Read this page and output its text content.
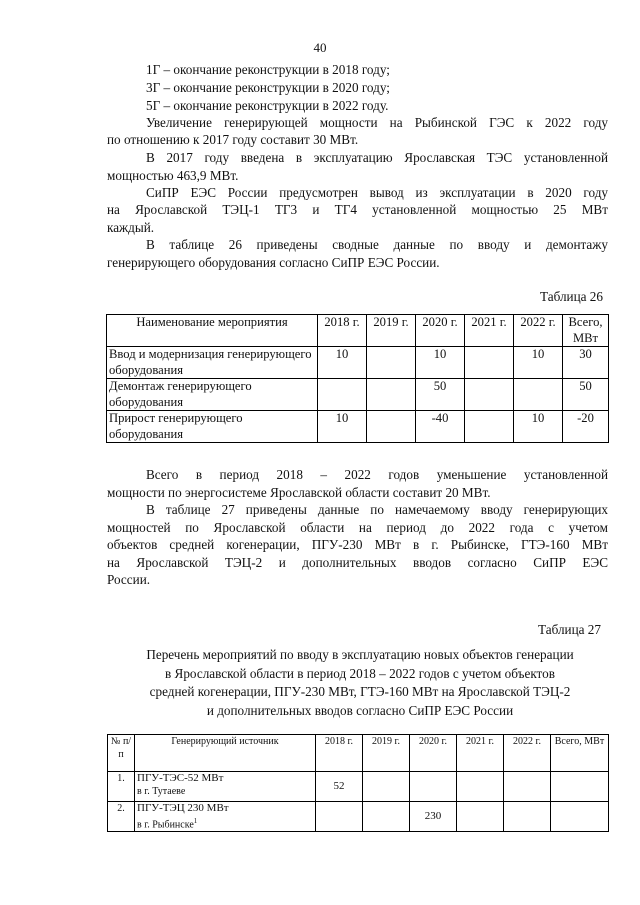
40
1Г – окончание реконструкции в 2018 году;
3Г – окончание реконструкции в 2020 году;
5Г – окончание реконструкции в 2022 году.
Увеличение генерирующей мощности на Рыбинской ГЭС к 2022 году
по отношению к 2017 году составит 30 МВт.
В 2017 году введена в эксплуатацию Ярославская ТЭС установленной
мощностью 463,9 МВт.
СиПР ЕЭС России предусмотрен вывод из эксплуатации в 2020 году
на Ярославской ТЭЦ-1 ТГ3 и ТГ4 установленной мощностью 25 МВт
каждый.
В таблице 26 приведены сводные данные по вводу и демонтажу
генерирующего оборудования согласно СиПР ЕЭС России.
Таблица 26
Наименование мероприятия	2018 г.	2019 г.	2020 г.	2021 г.	2022 г.	Всего, МВт
Ввод и модернизация генерирующего оборудования	10		10		10	30
Демонтаж генерирующего оборудования			50			50
Прирост генерирующего оборудования	10		-40		10	-20
Всего в период 2018 – 2022 годов уменьшение установленной
мощности по энергосистеме Ярославской области составит 20 МВт.
В таблице 27 приведены данные по намечаемому вводу генерирующих
мощностей по Ярославской области на период до 2022 года с учетом
объектов средней когенерации, ПГУ-230 МВт в г. Рыбинске, ГТЭ-160 МВт
на Ярославской ТЭЦ-2 и дополнительных вводов согласно СиПР ЕЭС
России.
Таблица 27
Перечень мероприятий по вводу в эксплуатацию новых объектов генерации
в Ярославской области в период 2018 – 2022 годов с учетом объектов
средней когенерации, ПГУ-230 МВт, ГТЭ-160 МВт на Ярославской ТЭЦ-2
и дополнительных вводов согласно СиПР ЕЭС России
№ п/п	Генерирующий источник	2018 г.	2019 г.	2020 г.	2021 г.	2022 г.	Всего, МВт
1.	ПГУ-ТЭС-52 МВт
в г. Тутаеве	52					
2.	ПГУ-ТЭЦ 230 МВт
в г. Рыбинске$^1$			230			
